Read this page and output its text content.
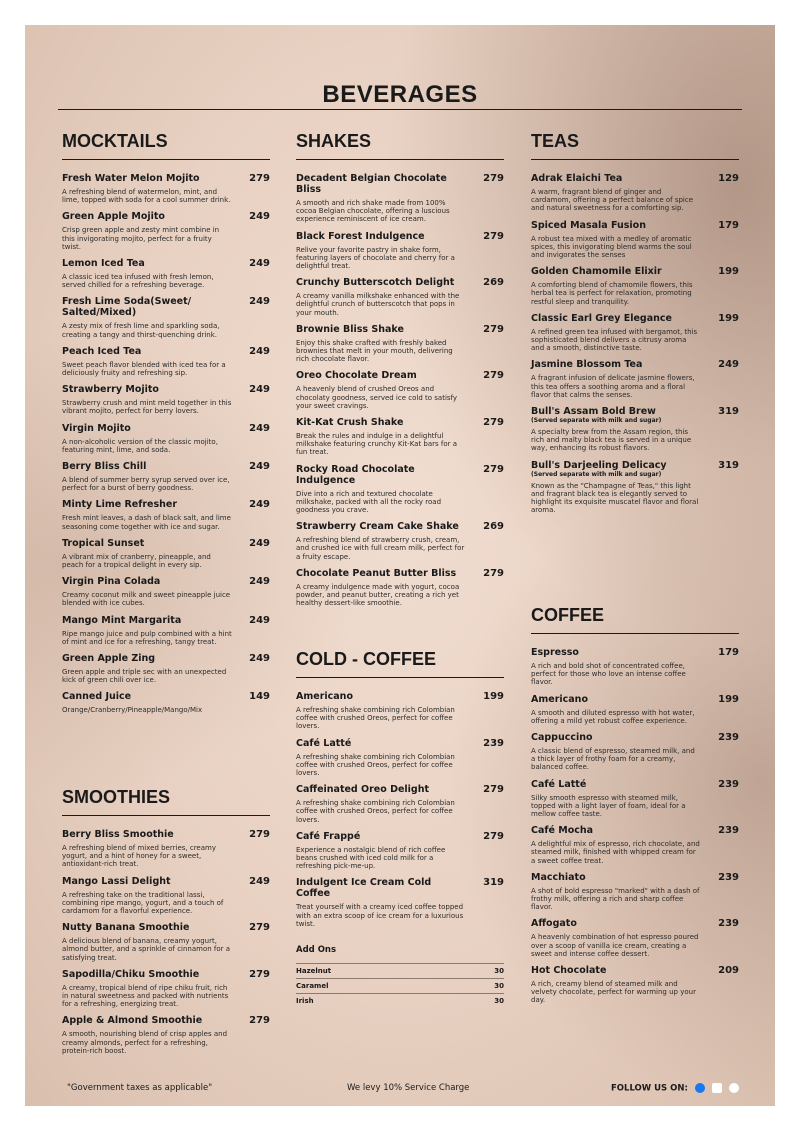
BEVERAGES
MOCKTAILS
Fresh Water Melon Mojito	279
A refreshing blend of watermelon, mint, and lime, topped with soda for a cool summer drink.
Green Apple Mojito	249
Crisp green apple and zesty mint combine in this invigorating mojito, perfect for a fruity twist.
Lemon Iced Tea	249
A classic iced tea infused with fresh lemon, served chilled for a refreshing beverage.
Fresh Lime Soda(Sweet/ Salted/Mixed)
249
A zesty mix of fresh lime and sparkling soda, creating a tangy and thirst-quenching drink.
Peach Iced Tea	249
Sweet peach flavor blended with iced tea for a deliciously fruity and refreshing sip.
Strawberry Mojito	249
Strawberry crush and mint meld together in this vibrant mojito, perfect for berry lovers.
Virgin Mojito	249
A non-alcoholic version of the classic mojito, featuring mint, lime, and soda.
Berry Bliss Chill	249
A blend of summer berry syrup served over ice, perfect for a burst of berry goodness.
Minty Lime Refresher	249
Fresh mint leaves, a dash of black salt, and lime seasoning come together with ice and sugar.
Tropical Sunset	249
A vibrant mix of cranberry, pineapple, and peach for a tropical delight in every sip.
Virgin Pina Colada	249
Creamy coconut milk and sweet pineapple juice blended with ice cubes.
Mango Mint Margarita	249
Ripe mango juice and pulp combined with a hint of mint and ice for a refreshing, tangy treat.
Green Apple Zing	249
Green apple and triple sec with an unexpected kick of green chili over ice.
Canned Juice	149
Orange/Cranberry/Pineapple/Mango/Mix
SMOOTHIES
Berry Bliss Smoothie	279
A refreshing blend of mixed berries, creamy yogurt, and a hint of honey for a sweet, antioxidant-rich treat.
Mango Lassi Delight	249
A refreshing take on the traditional lassi, combining ripe mango, yogurt, and a touch of cardamom for a flavorful experience.
Nutty Banana Smoothie	279
A delicious blend of banana, creamy yogurt, almond butter, and a sprinkle of cinnamon for a satisfying treat.
Sapodilla/Chiku Smoothie	279
A creamy, tropical blend of ripe chiku fruit, rich in natural sweetness and packed with nutrients for a refreshing, energizing treat.
Apple & Almond Smoothie	279
A smooth, nourishing blend of crisp apples and creamy almonds, perfect for a refreshing, protein-rich boost.
SHAKES
Decadent Belgian Chocolate Bliss
279
A smooth and rich shake made from 100% cocoa Belgian chocolate, offering a luscious experience reminiscent of ice cream.
Black Forest Indulgence	279
Relive your favorite pastry in shake form, featuring layers of chocolate and cherry for a delightful treat.
Crunchy Butterscotch Delight	269
A creamy vanilla milkshake enhanced with the delightful crunch of butterscotch that pops in your mouth.
Brownie Bliss Shake	279
Enjoy this shake crafted with freshly baked brownies that melt in your mouth, delivering rich chocolate flavor.
Oreo Chocolate Dream	279
A heavenly blend of crushed Oreos and chocolaty goodness, served ice cold to satisfy your sweet cravings.
Kit-Kat Crush Shake	279
Break the rules and indulge in a delightful milkshake featuring crunchy Kit-Kat bars for a fun treat.
Rocky Road Chocolate Indulgence
279
Dive into a rich and textured chocolate milkshake, packed with all the rocky road goodness you crave.
Strawberry Cream Cake Shake 269
A refreshing blend of strawberry crush, cream, and crushed ice with full cream milk, perfect for a fruity escape.
Chocolate Peanut Butter Bliss	279
A creamy indulgence made with yogurt, cocoa powder, and peanut butter, creating a rich yet healthy dessert-like smoothie.
COLD - COFFEE
Americano	199
A refreshing shake combining rich Colombian coffee with crushed Oreos, perfect for coffee lovers.
Café Latté	239
A refreshing shake combining rich Colombian coffee with crushed Oreos, perfect for coffee lovers.
Caffeinated Oreo Delight	279
A refreshing shake combining rich Colombian coffee with crushed Oreos, perfect for coffee lovers.
Café Frappé	279
Experience a nostalgic blend of rich coffee beans crushed with iced cold milk for a refreshing pick-me-up.
Indulgent Ice Cream Cold Coffee
319
Treat yourself with a creamy iced coffee topped with an extra scoop of ice cream for a luxurious twist.
Add Ons
Hazelnut	30
Caramel	30
Irish	30
TEAS
Adrak Elaichi Tea	129
A warm, fragrant blend of ginger and cardamom, offering a perfect balance of spice and natural sweetness for a comforting sip.
Spiced Masala Fusion	179
A robust tea mixed with a medley of aromatic spices, this invigorating blend warms the soul and invigorates the senses
Golden Chamomile Elixir	199
A comforting blend of chamomile flowers, this herbal tea is perfect for relaxation, promoting restful sleep and tranquility.
Classic Earl Grey Elegance	199
A refined green tea infused with bergamot, this sophisticated blend delivers a citrusy aroma and a smooth, distinctive taste.
Jasmine Blossom Tea	249
A fragrant infusion of delicate jasmine flowers, this tea offers a soothing aroma and a floral flavor that calms the senses.
Bull's Assam Bold Brew
(Served separate with milk and sugar)
319
A specialty brew from the Assam region, this rich and malty black tea is served in a unique way, enhancing its robust flavors.
Bull's Darjeeling Delicacy
(Served separate with milk and sugar)
319
Known as the "Champagne of Teas," this light and fragrant black tea is elegantly served to highlight its exquisite muscatel flavor and floral aroma.
COFFEE
Espresso	179
A rich and bold shot of concentrated coffee, perfect for those who love an intense coffee flavor.
Americano	199
A smooth and diluted espresso with hot water, offering a mild yet robust coffee experience.
Cappuccino	239
A classic blend of espresso, steamed milk, and a thick layer of frothy foam for a creamy, balanced coffee.
Café Latté	239
Silky smooth espresso with steamed milk, topped with a light layer of foam, ideal for a mellow coffee taste.
Café Mocha	239
A delightful mix of espresso, rich chocolate, and steamed milk, finished with whipped cream for a sweet coffee treat.
Macchiato	239
A shot of bold espresso "marked" with a dash of frothy milk, offering a rich and sharp coffee flavor.
Affogato	239
A heavenly combination of hot espresso poured over a scoop of vanilla ice cream, creating a sweet and intense coffee dessert.
Hot Chocolate	209
A rich, creamy blend of steamed milk and velvety chocolate, perfect for warming up your day.
"Government taxes as applicable"	We levy 10% Service Charge	FOLLOW US ON:
